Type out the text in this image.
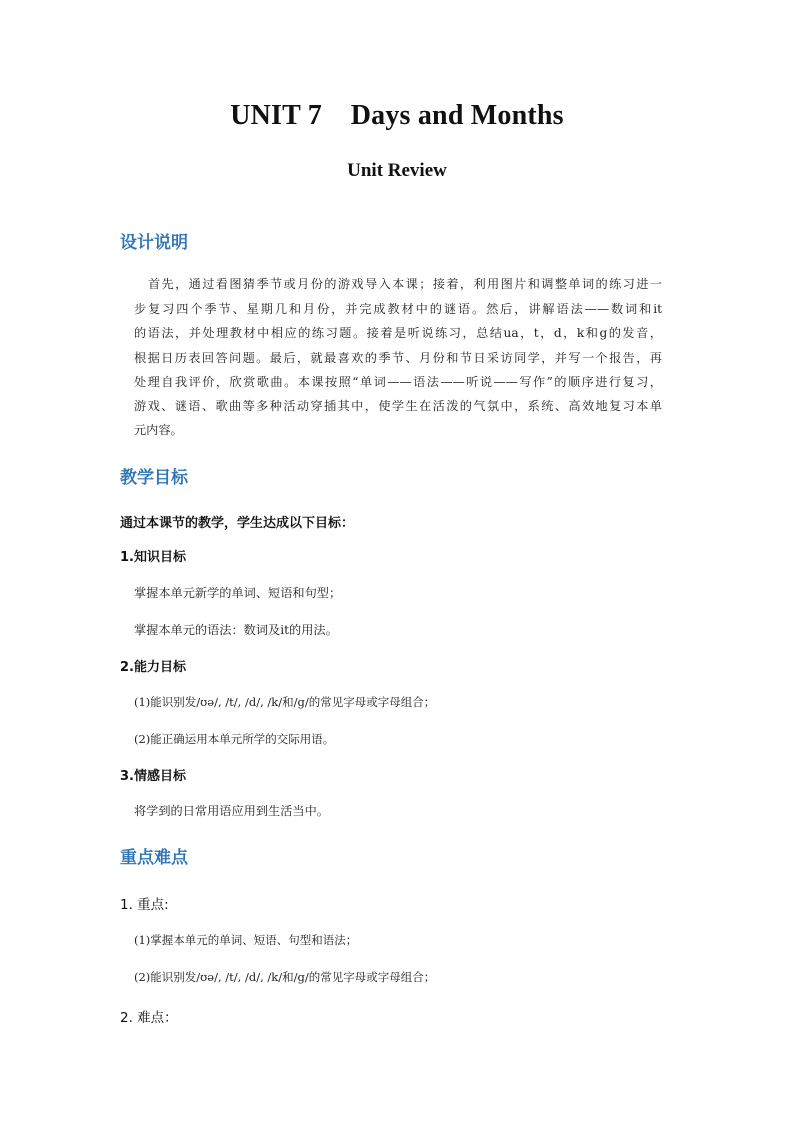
UNIT 7    Days and Months
Unit Review
设计说明
首先，通过看图猜季节或月份的游戏导入本课；接着，利用图片和调整单词的练习进一
步复习四个季节、星期几和月份，并完成教材中的谜语。然后，讲解语法——数词和it
的语法，并处理教材中相应的练习题。接着是听说练习，总结ua，t，d，k和g的发音，
根据日历表回答问题。最后，就最喜欢的季节、月份和节日采访同学，并写一个报告，再
处理自我评价，欣赏歌曲。本课按照“单词——语法——听说——写作”的顺序进行复习，
游戏、谜语、歌曲等多种活动穿插其中，使学生在活泼的气氛中，系统、高效地复习本单
元内容。
教学目标
通过本课节的教学，学生达成以下目标：
1.知识目标
掌握本单元新学的单词、短语和句型；
掌握本单元的语法：数词及it的用法。
2.能力目标
(1)能识别发/ʊə/, /t/, /d/, /k/和/g/的常见字母或字母组合；
(2)能正确运用本单元所学的交际用语。
3.情感目标
将学到的日常用语应用到生活当中。
重点难点
1. 重点:
(1)掌握本单元的单词、短语、句型和语法；
(2)能识别发/ʊə/, /t/, /d/, /k/和/g/的常见字母或字母组合；
2. 难点：
